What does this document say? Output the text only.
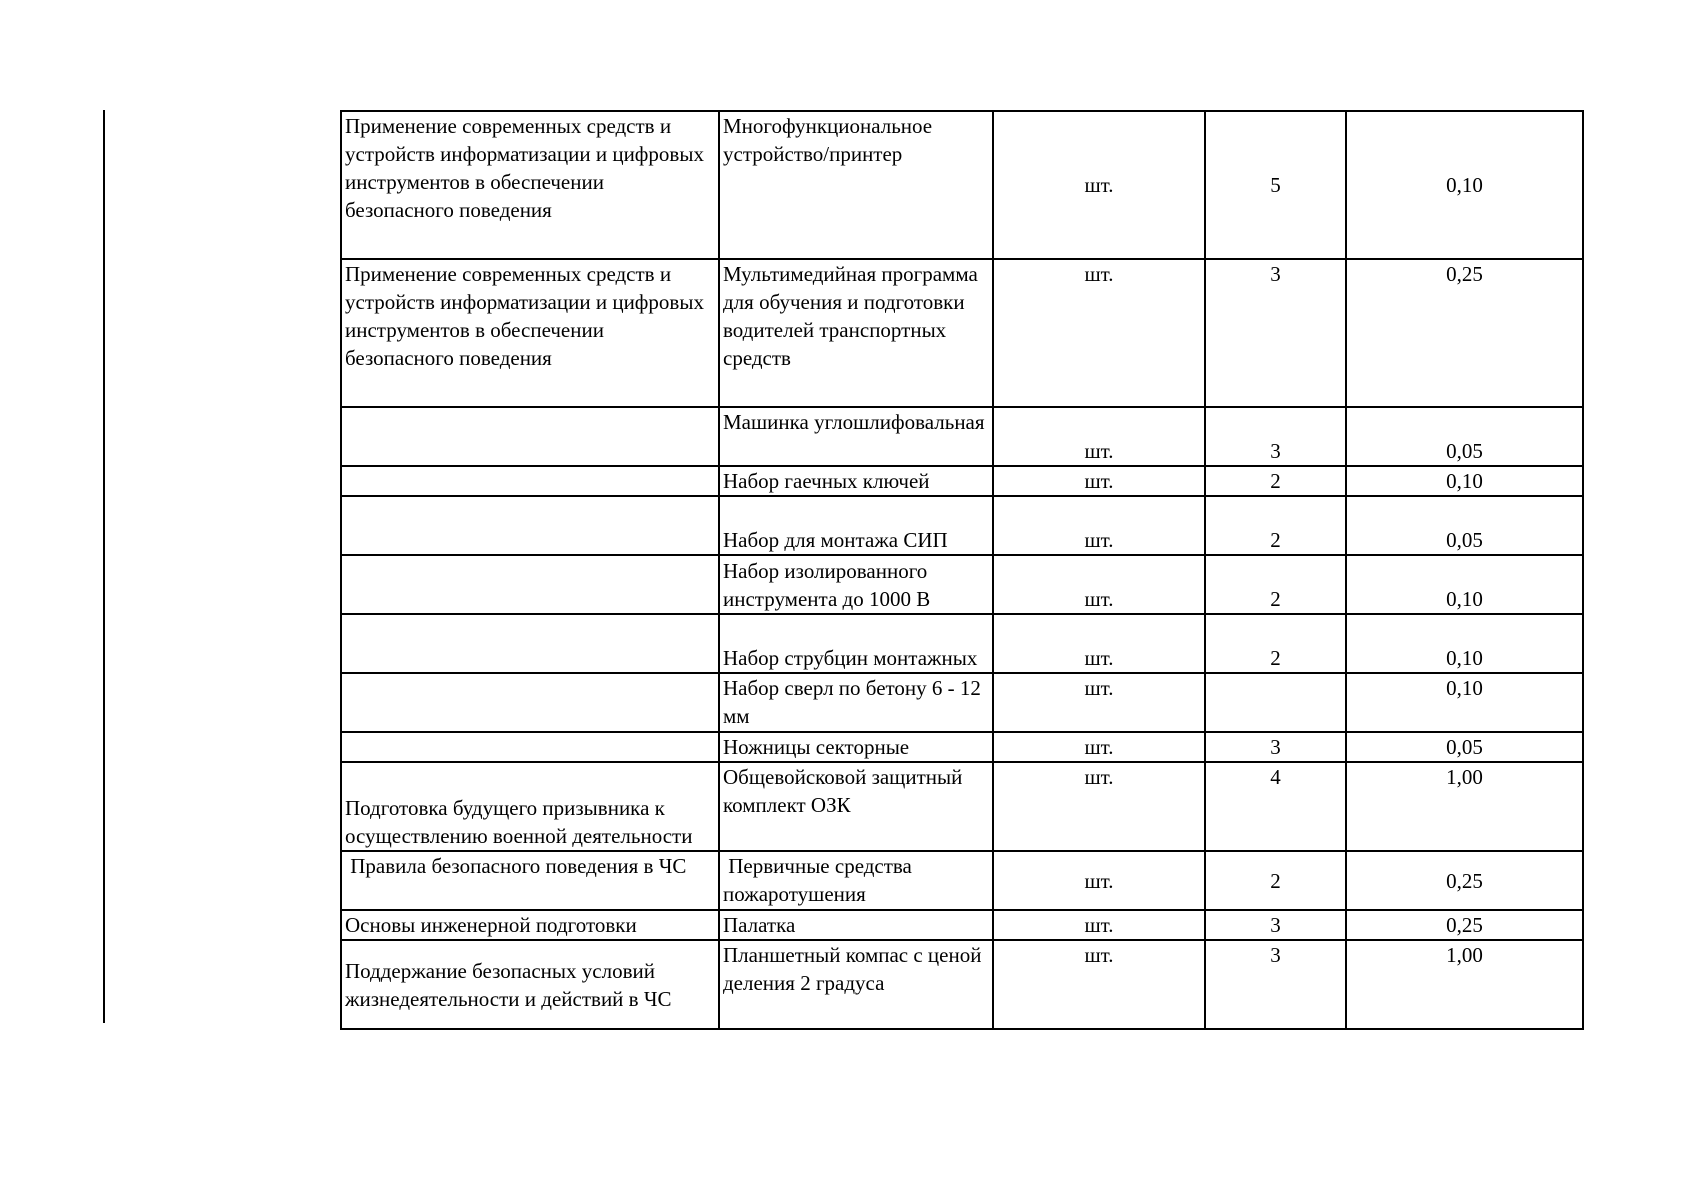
Применение современных средств и устройств информатизации и цифровых инструментов в обеспечении безопасного поведения	Многофункциональное устройство/принтер	шт.	5	0,10

Применение современных средств и устройств информатизации и цифровых инструментов в обеспечении безопасного поведения	Мультимедийная программа для обучения и подготовки водителей транспортных средств	шт.	3	0,25

	Машинка углошлифовальная	шт.	3	0,05

	Набор гаечных ключей	шт.	2	0,10

	Набор для монтажа СИП	шт.	2	0,05

	Набор изолированного инструмента до 1000 В	шт.	2	0,10

	Набор струбцин монтажных	шт.	2	0,10

	Набор сверл по бетону 6 - 12 мм	шт.		0,10

	Ножницы секторные	шт.	3	0,05

Подготовка будущего призывника к осуществлению военной деятельности	Общевойсковой защитный комплект ОЗК	шт.	4	1,00

Правила безопасного поведения в ЧС	Первичные средства пожаротушения	шт.	2	0,25

Основы инженерной подготовки	Палатка	шт.	3	0,25

Поддержание безопасных условий жизнедеятельности и действий в ЧС	Планшетный компас с ценой деления 2 градуса	шт.	3	1,00
